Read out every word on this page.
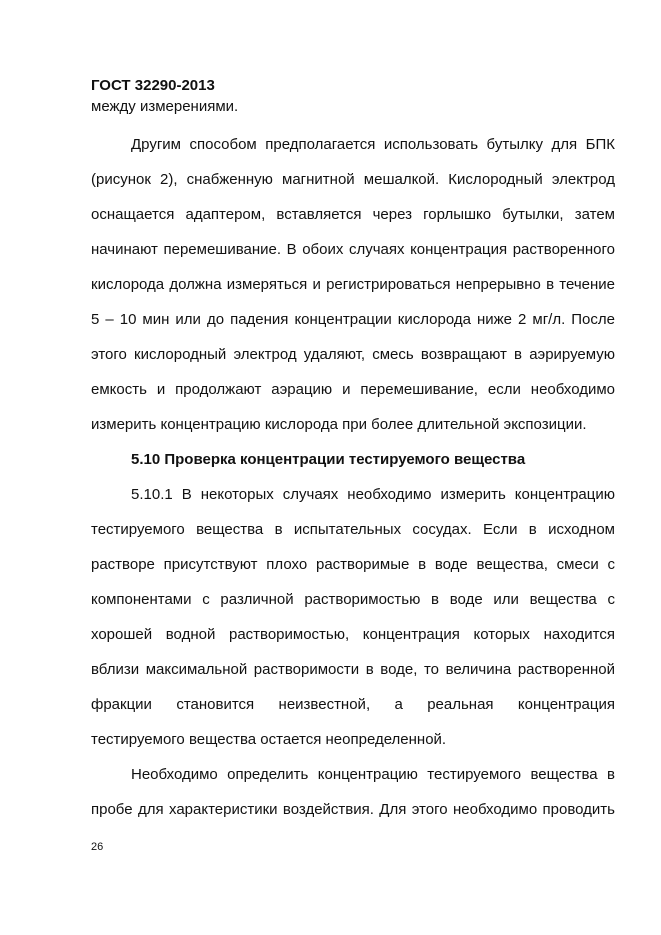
ГОСТ 32290-2013
между измерениями.
Другим способом предполагается использовать бутылку для БПК
(рисунок 2), снабженную магнитной мешалкой. Кислородный электрод
оснащается адаптером, вставляется через горлышко бутылки, затем
начинают перемешивание. В обоих случаях концентрация растворенного
кислорода должна измеряться и регистрироваться непрерывно в течение
5 – 10 мин или до падения концентрации кислорода ниже 2 мг/л. После
этого кислородный электрод удаляют, смесь возвращают в аэрируемую
емкость и продолжают аэрацию и перемешивание, если необходимо
измерить концентрацию кислорода при более длительной экспозиции.
5.10 Проверка концентрации тестируемого вещества
5.10.1 В некоторых случаях необходимо измерить концентрацию
тестируемого вещества в испытательных сосудах. Если в исходном
растворе присутствуют плохо растворимые в воде вещества, смеси с
компонентами с различной растворимостью в воде или вещества с
хорошей водной растворимостью, концентрация которых находится
вблизи максимальной растворимости в воде, то величина растворенной
фракции становится неизвестной, а реальная концентрация
тестируемого вещества остается неопределенной.
Необходимо определить концентрацию тестируемого вещества в
пробе для характеристики воздействия. Для этого необходимо проводить
26
